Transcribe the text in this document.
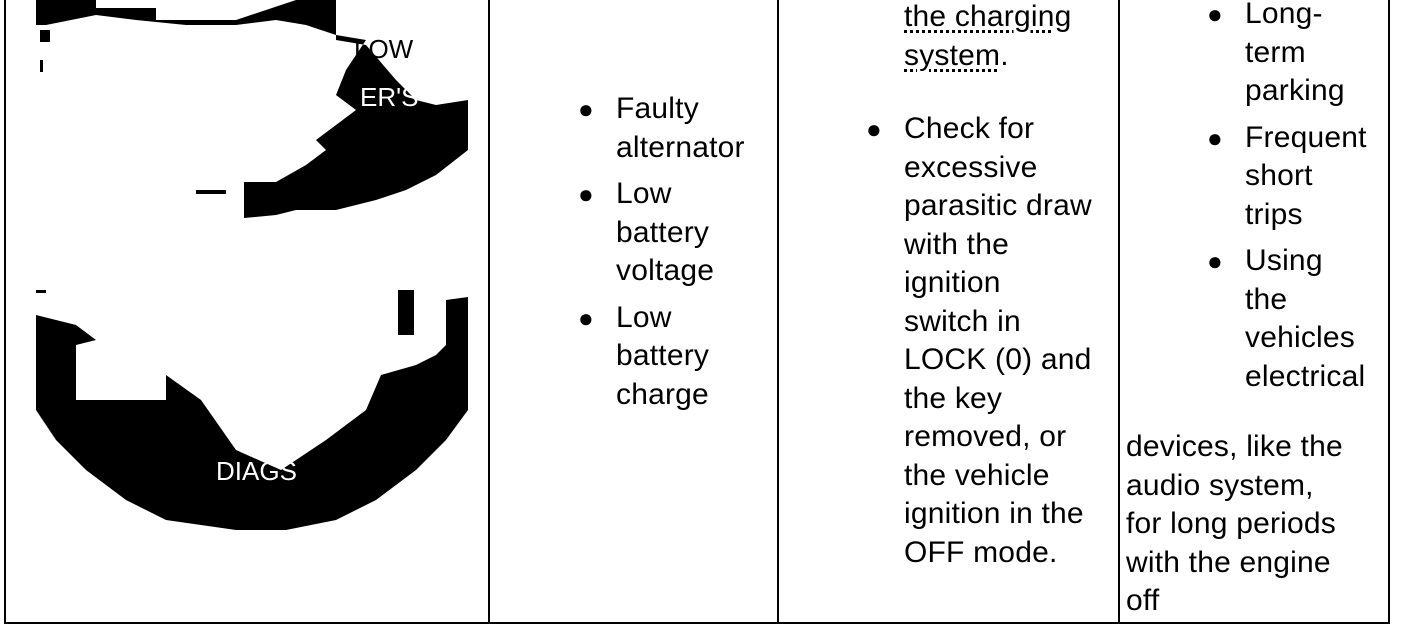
LOW
ER'S
DIAGS
● Faulty
alternator
● Low
battery
voltage
● Low
battery
charge
the charging
system.
● Check for
excessive
parasitic draw
with the
ignition
switch in
LOCK (0) and
the key
removed, or
the vehicle
ignition in the
OFF mode.
● Long-
term
parking
● Frequent
short
trips
● Using
the
vehicles
electrical
devices, like the
audio system,
for long periods
with the engine
off
